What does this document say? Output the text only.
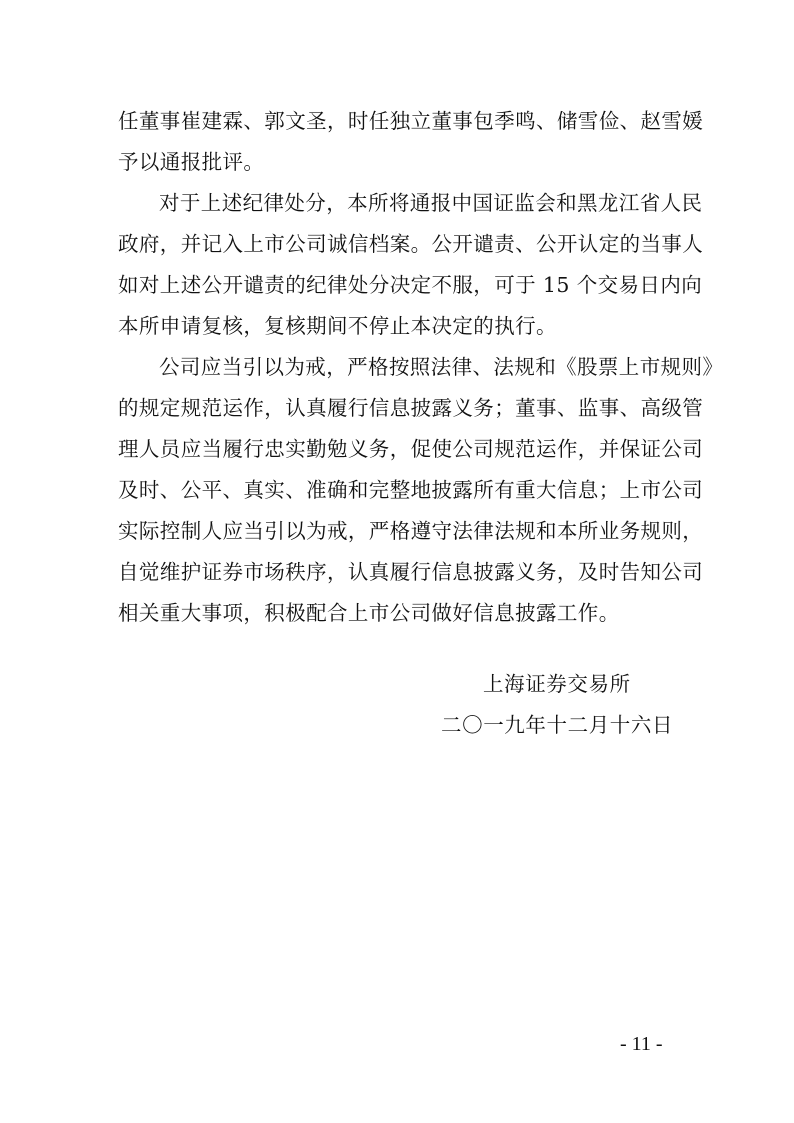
任董事崔建霖、郭文圣，时任独立董事包季鸣、储雪俭、赵雪媛
予以通报批评。
对于上述纪律处分，本所将通报中国证监会和黑龙江省人民
政府，并记入上市公司诚信档案。公开谴责、公开认定的当事人
如对上述公开谴责的纪律处分决定不服，可于 15 个交易日内向
本所申请复核，复核期间不停止本决定的执行。
公司应当引以为戒，严格按照法律、法规和《股票上市规则》
的规定规范运作，认真履行信息披露义务；董事、监事、高级管
理人员应当履行忠实勤勉义务，促使公司规范运作，并保证公司
及时、公平、真实、准确和完整地披露所有重大信息；上市公司
实际控制人应当引以为戒，严格遵守法律法规和本所业务规则，
自觉维护证券市场秩序，认真履行信息披露义务，及时告知公司
相关重大事项，积极配合上市公司做好信息披露工作。
上海证券交易所
二〇一九年十二月十六日
- 11 -
